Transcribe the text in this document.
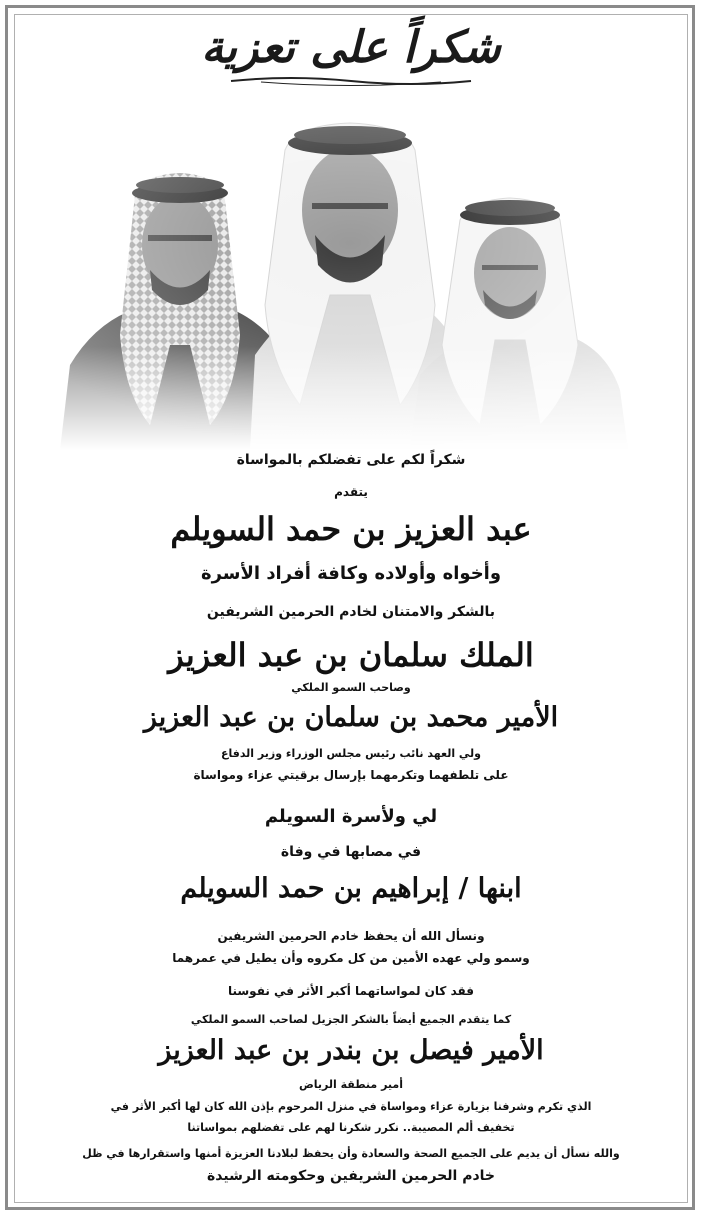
شكراً على تعزية
شكراً لكم على تفضلكم بالمواساة
يتقدم
عبد العزيز بن حمد السويلم
وأخواه وأولاده وكافة أفراد الأسرة
بالشكر والامتنان لخادم الحرمين الشريفين
الملك سلمان بن عبد العزيز
وصاحب السمو الملكي
الأمير محمد بن سلمان بن عبد العزيز
ولي العهد نائب رئيس مجلس الوزراء وزير الدفاع
على تلطفهما وتكرمهما بإرسال برقيتي عزاء ومواساة
لي ولأسرة السويلم
في مصابها في وفاة
ابنها / إبراهيم بن حمد السويلم
ونسأل الله أن يحفظ خادم الحرمين الشريفين
وسمو ولي عهده الأمين من كل مكروه وأن يطيل في عمرهما
فقد كان لمواساتهما أكبر الأثر في نفوسنا
كما يتقدم الجميع أيضاً بالشكر الجزيل لصاحب السمو الملكي
الأمير فيصل بن بندر بن عبد العزيز
أمير منطقة الرياض
الذي تكرم وشرفنا بزيارة عزاء ومواساة في منزل المرحوم بإذن الله كان لها أكبر الأثر في
تخفيف ألم المصيبة.. نكرر شكرنا لهم على تفضلهم بمواساتنا
والله نسأل أن يديم على الجميع الصحة والسعادة وأن يحفظ لبلادنا العزيزة أمنها واستقرارها في ظل
خادم الحرمين الشريفين وحكومته الرشيدة
